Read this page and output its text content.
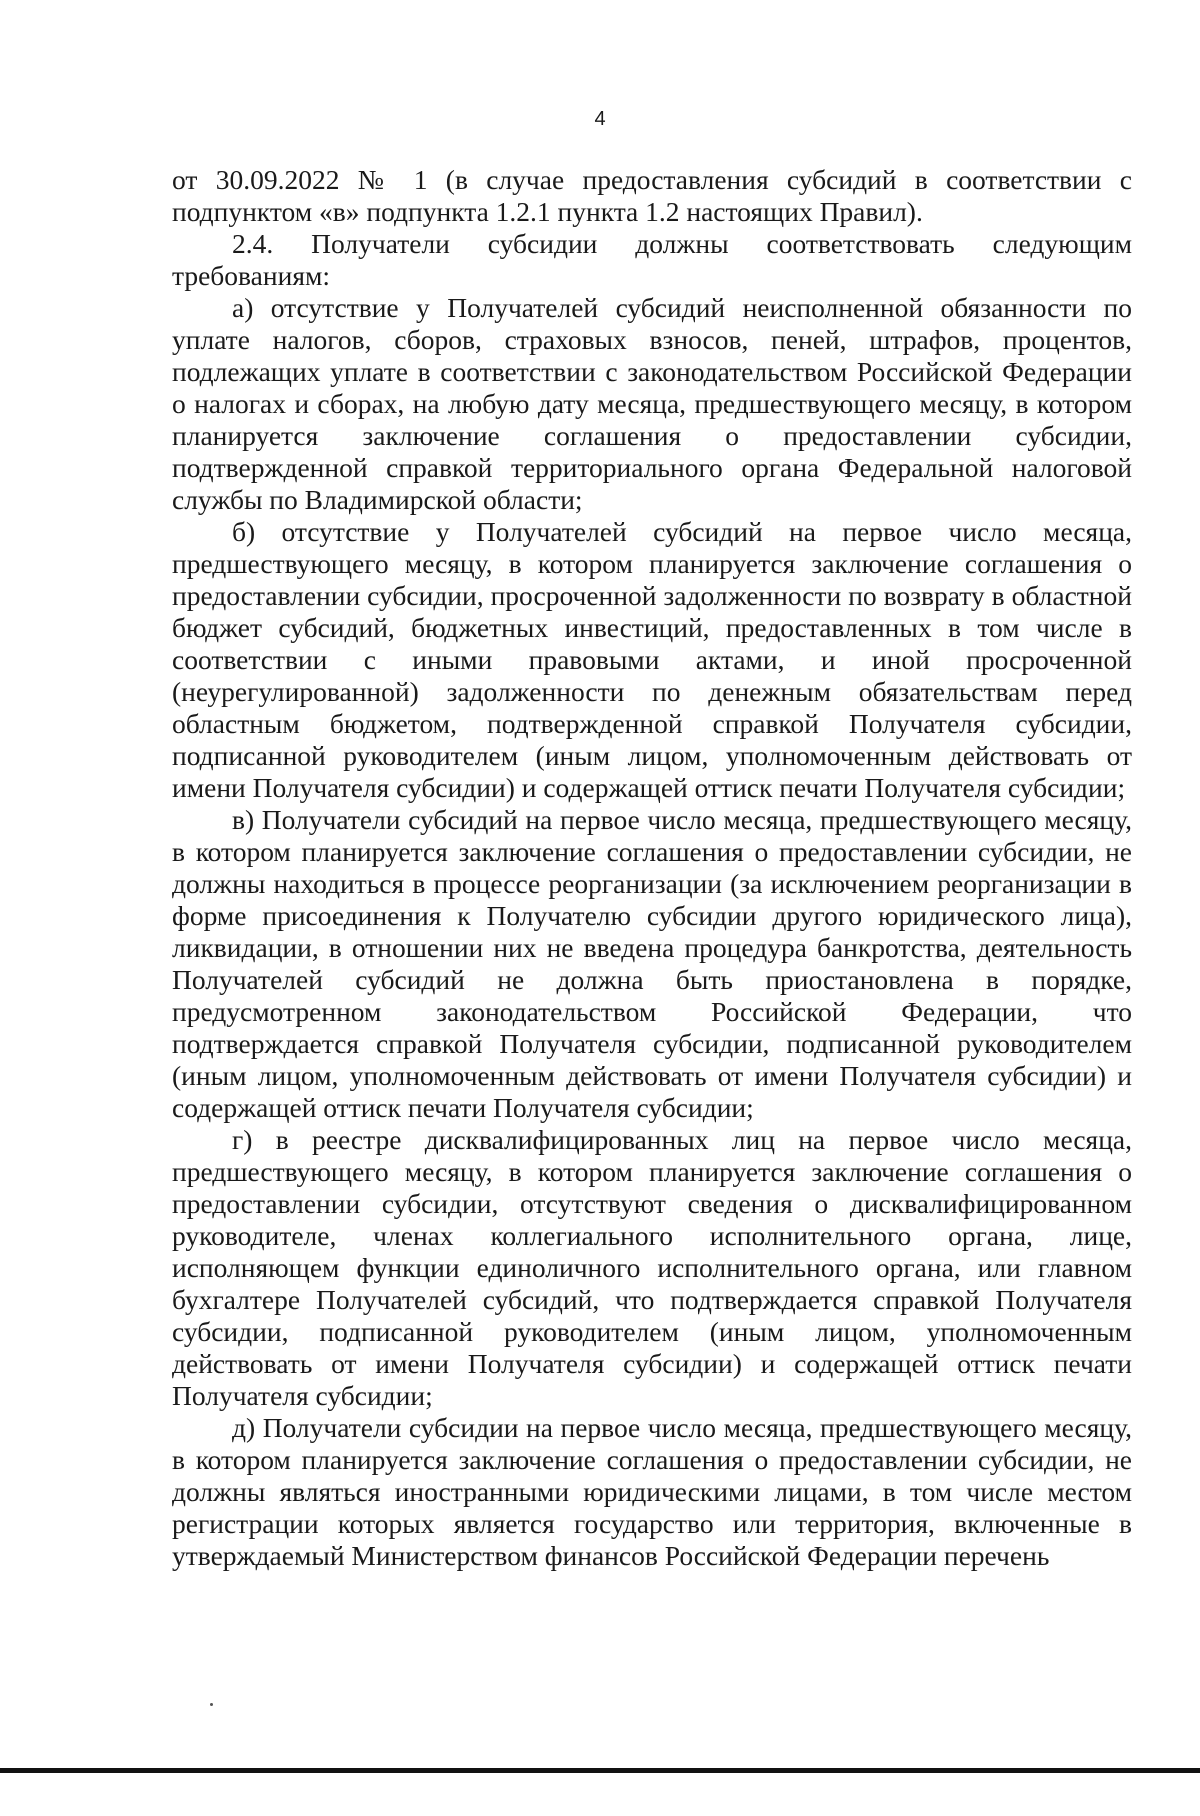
4

от 30.09.2022 № 1 (в случае предоставления субсидий в соответствии с подпунктом «в» подпункта 1.2.1 пункта 1.2 настоящих Правил).

2.4. Получатели субсидии должны соответствовать следующим требованиям:

а) отсутствие у Получателей субсидий неисполненной обязанности по уплате налогов, сборов, страховых взносов, пеней, штрафов, процентов, подлежащих уплате в соответствии с законодательством Российской Федерации о налогах и сборах, на любую дату месяца, предшествующего месяцу, в котором планируется заключение соглашения о предоставлении субсидии, подтвержденной справкой территориального органа Федеральной налоговой службы по Владимирской области;

б) отсутствие у Получателей субсидий на первое число месяца, предшествующего месяцу, в котором планируется заключение соглашения о предоставлении субсидии, просроченной задолженности по возврату в областной бюджет субсидий, бюджетных инвестиций, предоставленных в том числе в соответствии с иными правовыми актами, и иной просроченной (неурегулированной) задолженности по денежным обязательствам перед областным бюджетом, подтвержденной справкой Получателя субсидии, подписанной руководителем (иным лицом, уполномоченным действовать от имени Получателя субсидии) и содержащей оттиск печати Получателя субсидии;

в) Получатели субсидий на первое число месяца, предшествующего месяцу, в котором планируется заключение соглашения о предоставлении субсидии, не должны находиться в процессе реорганизации (за исключением реорганизации в форме присоединения к Получателю субсидии другого юридического лица), ликвидации, в отношении них не введена процедура банкротства, деятельность Получателей субсидий не должна быть приостановлена в порядке, предусмотренном законодательством Российской Федерации, что подтверждается справкой Получателя субсидии, подписанной руководителем (иным лицом, уполномоченным действовать от имени Получателя субсидии) и содержащей оттиск печати Получателя субсидии;

г) в реестре дисквалифицированных лиц на первое число месяца, предшествующего месяцу, в котором планируется заключение соглашения о предоставлении субсидии, отсутствуют сведения о дисквалифицированном руководителе, членах коллегиального исполнительного органа, лице, исполняющем функции единоличного исполнительного органа, или главном бухгалтере Получателей субсидий, что подтверждается справкой Получателя субсидии, подписанной руководителем (иным лицом, уполномоченным действовать от имени Получателя субсидии) и содержащей оттиск печати Получателя субсидии;

д) Получатели субсидии на первое число месяца, предшествующего месяцу, в котором планируется заключение соглашения о предоставлении субсидии, не должны являться иностранными юридическими лицами, в том числе местом регистрации которых является государство или территория, включенные в утверждаемый Министерством финансов Российской Федерации перечень
